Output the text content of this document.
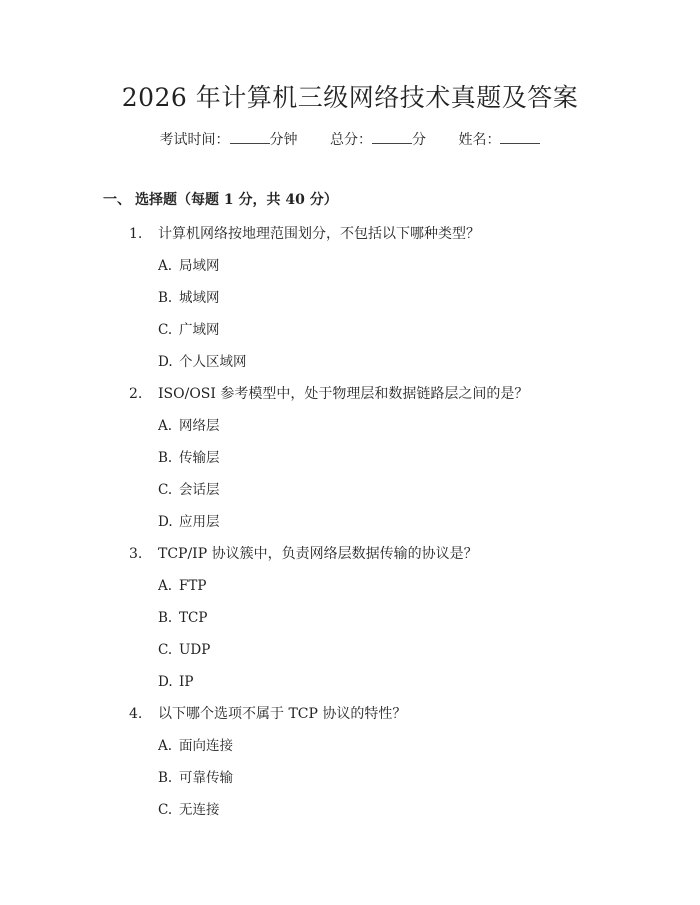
2026 年计算机三级网络技术真题及答案
考试时间：	分钟 总分：	分 姓名：
一、 选择题（每题 1 分，共 40 分）
1. 计算机网络按地理范围划分，不包括以下哪种类型？
A. 局域网
B. 城域网
C. 广域网
D. 个人区域网
2. ISO/OSI 参考模型中，处于物理层和数据链路层之间的是？
A. 网络层
B. 传输层
C. 会话层
D. 应用层
3. TCP/IP 协议簇中，负责网络层数据传输的协议是？
A. FTP
B. TCP
C. UDP
D. IP
4. 以下哪个选项不属于 TCP 协议的特性？
A. 面向连接
B. 可靠传输
C. 无连接
